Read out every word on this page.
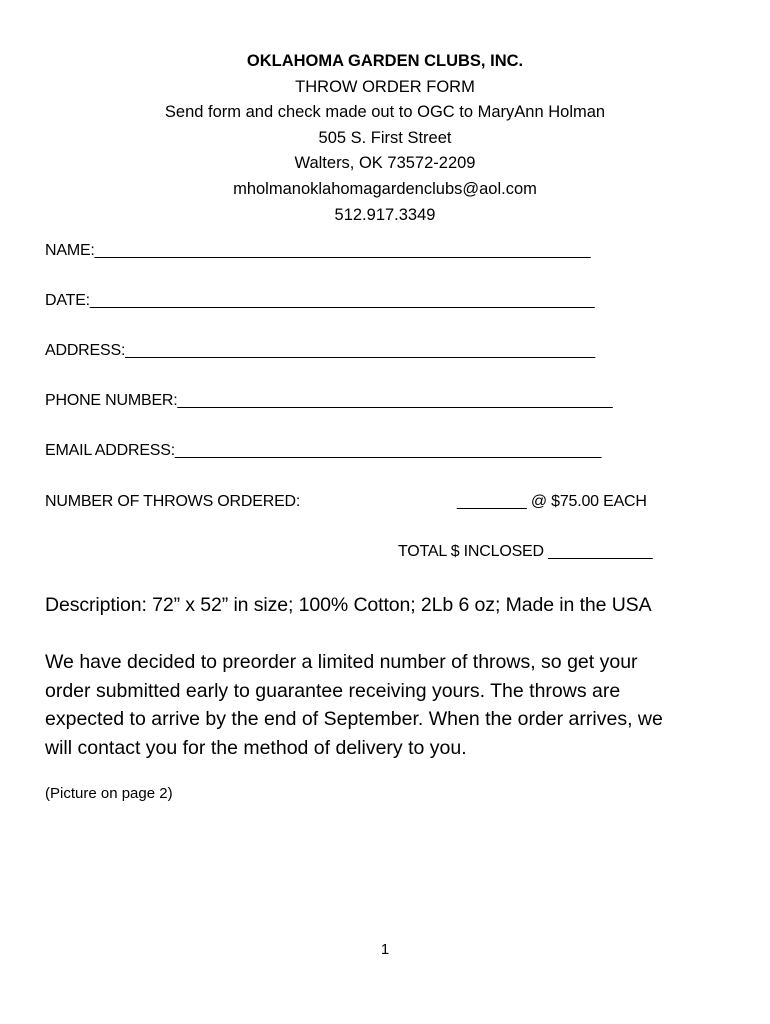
OKLAHOMA GARDEN CLUBS, INC.
THROW ORDER FORM
Send form and check made out to OGC to MaryAnn Holman
505 S. First Street
Walters, OK 73572-2209
mholmanoklahomagardenclubs@aol.com
512.917.3349
NAME:_________________________________________________________
DATE:__________________________________________________________
ADDRESS:______________________________________________________
PHONE NUMBER:__________________________________________________
EMAIL ADDRESS:_________________________________________________
NUMBER OF THROWS ORDERED:	________ @ $75.00 EACH
TOTAL $ INCLOSED ____________
Description: 72” x 52” in size; 100% Cotton; 2Lb 6 oz; Made in the USA
We have decided to preorder a limited number of throws, so get your
order submitted early to guarantee receiving yours. The throws are
expected to arrive by the end of September. When the order arrives, we
will contact you for the method of delivery to you.
(Picture on page 2)
1
